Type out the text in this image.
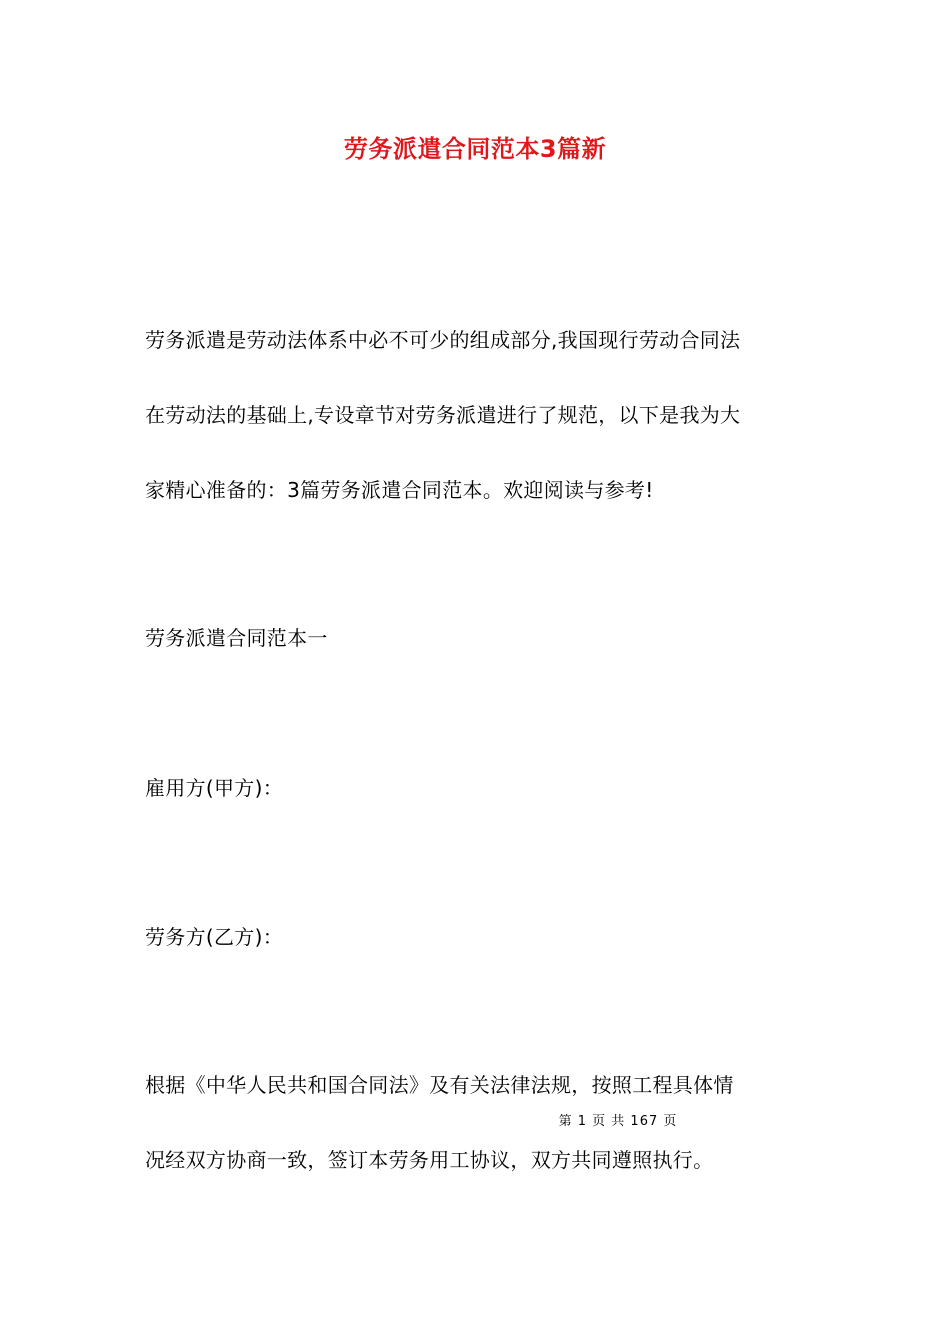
劳务派遣合同范本3篇新
劳务派遣是劳动法体系中必不可少的组成部分,我国现行劳动合同法
在劳动法的基础上,专设章节对劳务派遣进行了规范，以下是我为大
家精心准备的：3篇劳务派遣合同范本。欢迎阅读与参考!
劳务派遣合同范本一
雇用方(甲方)：
劳务方(乙方)：
根据《中华人民共和国合同法》及有关法律法规，按照工程具体情
第 1 页 共 167 页
况经双方协商一致，签订本劳务用工协议，双方共同遵照执行。
